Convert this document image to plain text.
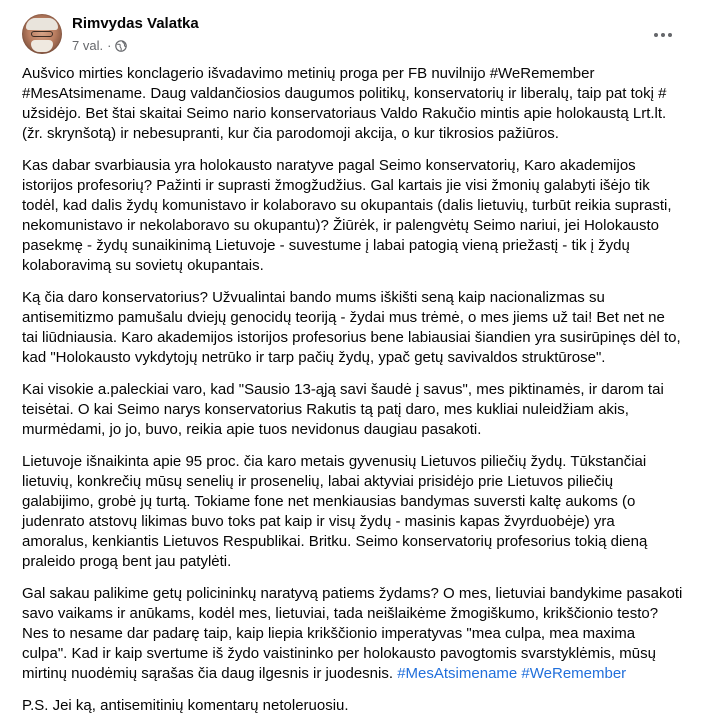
Rimvydas Valatka
7 val. ·

Aušvico mirties konclagerio išvadavimo metinių proga per FB nuvilnijo #WeRemember #MesAtsimename. Daug valdančiosios daugumos politikų, konservatorių ir liberalų, taip pat tokį # užsidėjo. Bet štai skaitai Seimo nario konservatoriaus Valdo Rakučio mintis apie holokaustą Lrt.lt. (žr. skrynšotą) ir nebesupranti, kur čia parodomoji akcija, o kur tikrosios pažiūros.

Kas dabar svarbiausia yra holokausto naratyve pagal Seimo konservatorių, Karo akademijos istorijos profesorių? Pažinti ir suprasti žmogžudžius. Gal kartais jie visi žmonių galabyti išėjo tik todėl, kad dalis žydų komunistavo ir kolaboravo su okupantais (dalis lietuvių, turbūt reikia suprasti, nekomunistavo ir nekolaboravo su okupantu)? Žiūrėk, ir palengvėtų Seimo nariui, jei Holokausto pasekmę - žydų sunaikinimą Lietuvoje - suvestume į labai patogią vieną priežastį - tik į žydų kolaboravimą su sovietų okupantais.

Ką čia daro konservatorius? Užvualintai bando mums iškišti seną kaip nacionalizmas su antisemitizmo pamušalu dviejų genocidų teoriją - žydai mus trėmė, o mes jiems už tai! Bet net ne tai liūdniausia. Karo akademijos istorijos profesorius bene labiausiai šiandien yra susirūpinęs dėl to, kad "Holokausto vykdytojų netrūko ir tarp pačių žydų, ypač getų savivaldos struktūrose".

Kai visokie a.paleckiai varo, kad "Sausio 13-ąją savi šaudė į savus", mes piktinamės, ir darom tai teisėtai. O kai Seimo narys konservatorius Rakutis tą patį daro, mes kukliai nuleidžiam akis, murmėdami, jo jo, buvo, reikia apie tuos nevidonus daugiau pasakoti.

Lietuvoje išnaikinta apie 95 proc. čia karo metais gyvenusių Lietuvos piliečių žydų. Tūkstančiai lietuvių, konkrečių mūsų senelių ir prosenelių, labai aktyviai prisidėjo prie Lietuvos piliečių galabijimo, grobė jų turtą. Tokiame fone net menkiausias bandymas suversti kaltę aukoms (o judenrato atstovų likimas buvo toks pat kaip ir visų žydų - masinis kapas žvyrduobėje) yra amoralus, kenkiantis Lietuvos Respublikai. Britku. Seimo konservatorių profesorius tokią dieną praleido progą bent jau patylėti.

Gal sakau palikime getų policininkų naratyvą patiems žydams? O mes, lietuviai bandykime pasakoti savo vaikams ir anūkams, kodėl mes, lietuviai, tada neišlaikėme žmogiškumo, krikščionio testo? Nes to nesame dar padarę taip, kaip liepia krikščionio imperatyvas "mea culpa, mea maxima culpa". Kad ir kaip svertume iš žydo vaistininko per holokausto pavogtomis svarstyklėmis, mūsų mirtinų nuodėmių sąrašas čia daug ilgesnis ir juodesnis. #MesAtsimename #WeRemember

P.S. Jei ką, antisemitinių komentarų netoleruosiu.
